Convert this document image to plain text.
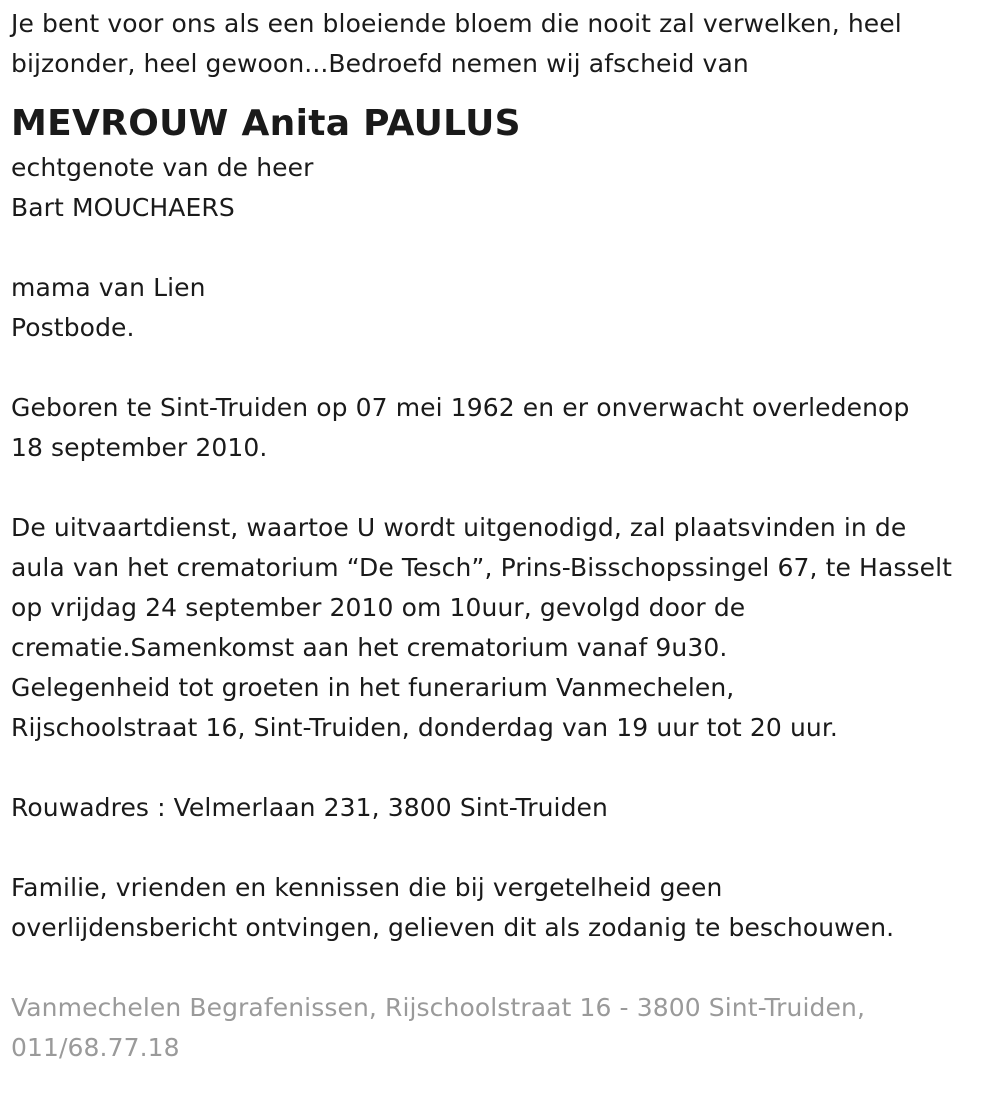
Je bent voor ons als een bloeiende bloem die nooit zal verwelken, heel
bijzonder, heel gewoon...Bedroefd nemen wij afscheid van
MEVROUW Anita PAULUS
echtgenote van de heer
Bart MOUCHAERS
mama van Lien
Postbode.
Geboren te Sint-Truiden op 07 mei 1962 en er onverwacht overledenop
18 september 2010.
De uitvaartdienst, waartoe U wordt uitgenodigd, zal plaatsvinden in de
aula van het crematorium “De Tesch”, Prins-Bisschopssingel 67, te Hasselt
op vrijdag 24 september 2010 om 10uur, gevolgd door de
crematie.Samenkomst aan het crematorium vanaf 9u30.
Gelegenheid tot groeten in het funerarium Vanmechelen,
Rijschoolstraat 16, Sint-Truiden, donderdag van 19 uur tot 20 uur.
Rouwadres : Velmerlaan 231, 3800 Sint-Truiden
Familie, vrienden en kennissen die bij vergetelheid geen
overlijdensbericht ontvingen, gelieven dit als zodanig te beschouwen.
Vanmechelen Begrafenissen, Rijschoolstraat 16 - 3800 Sint-Truiden,
011/68.77.18
